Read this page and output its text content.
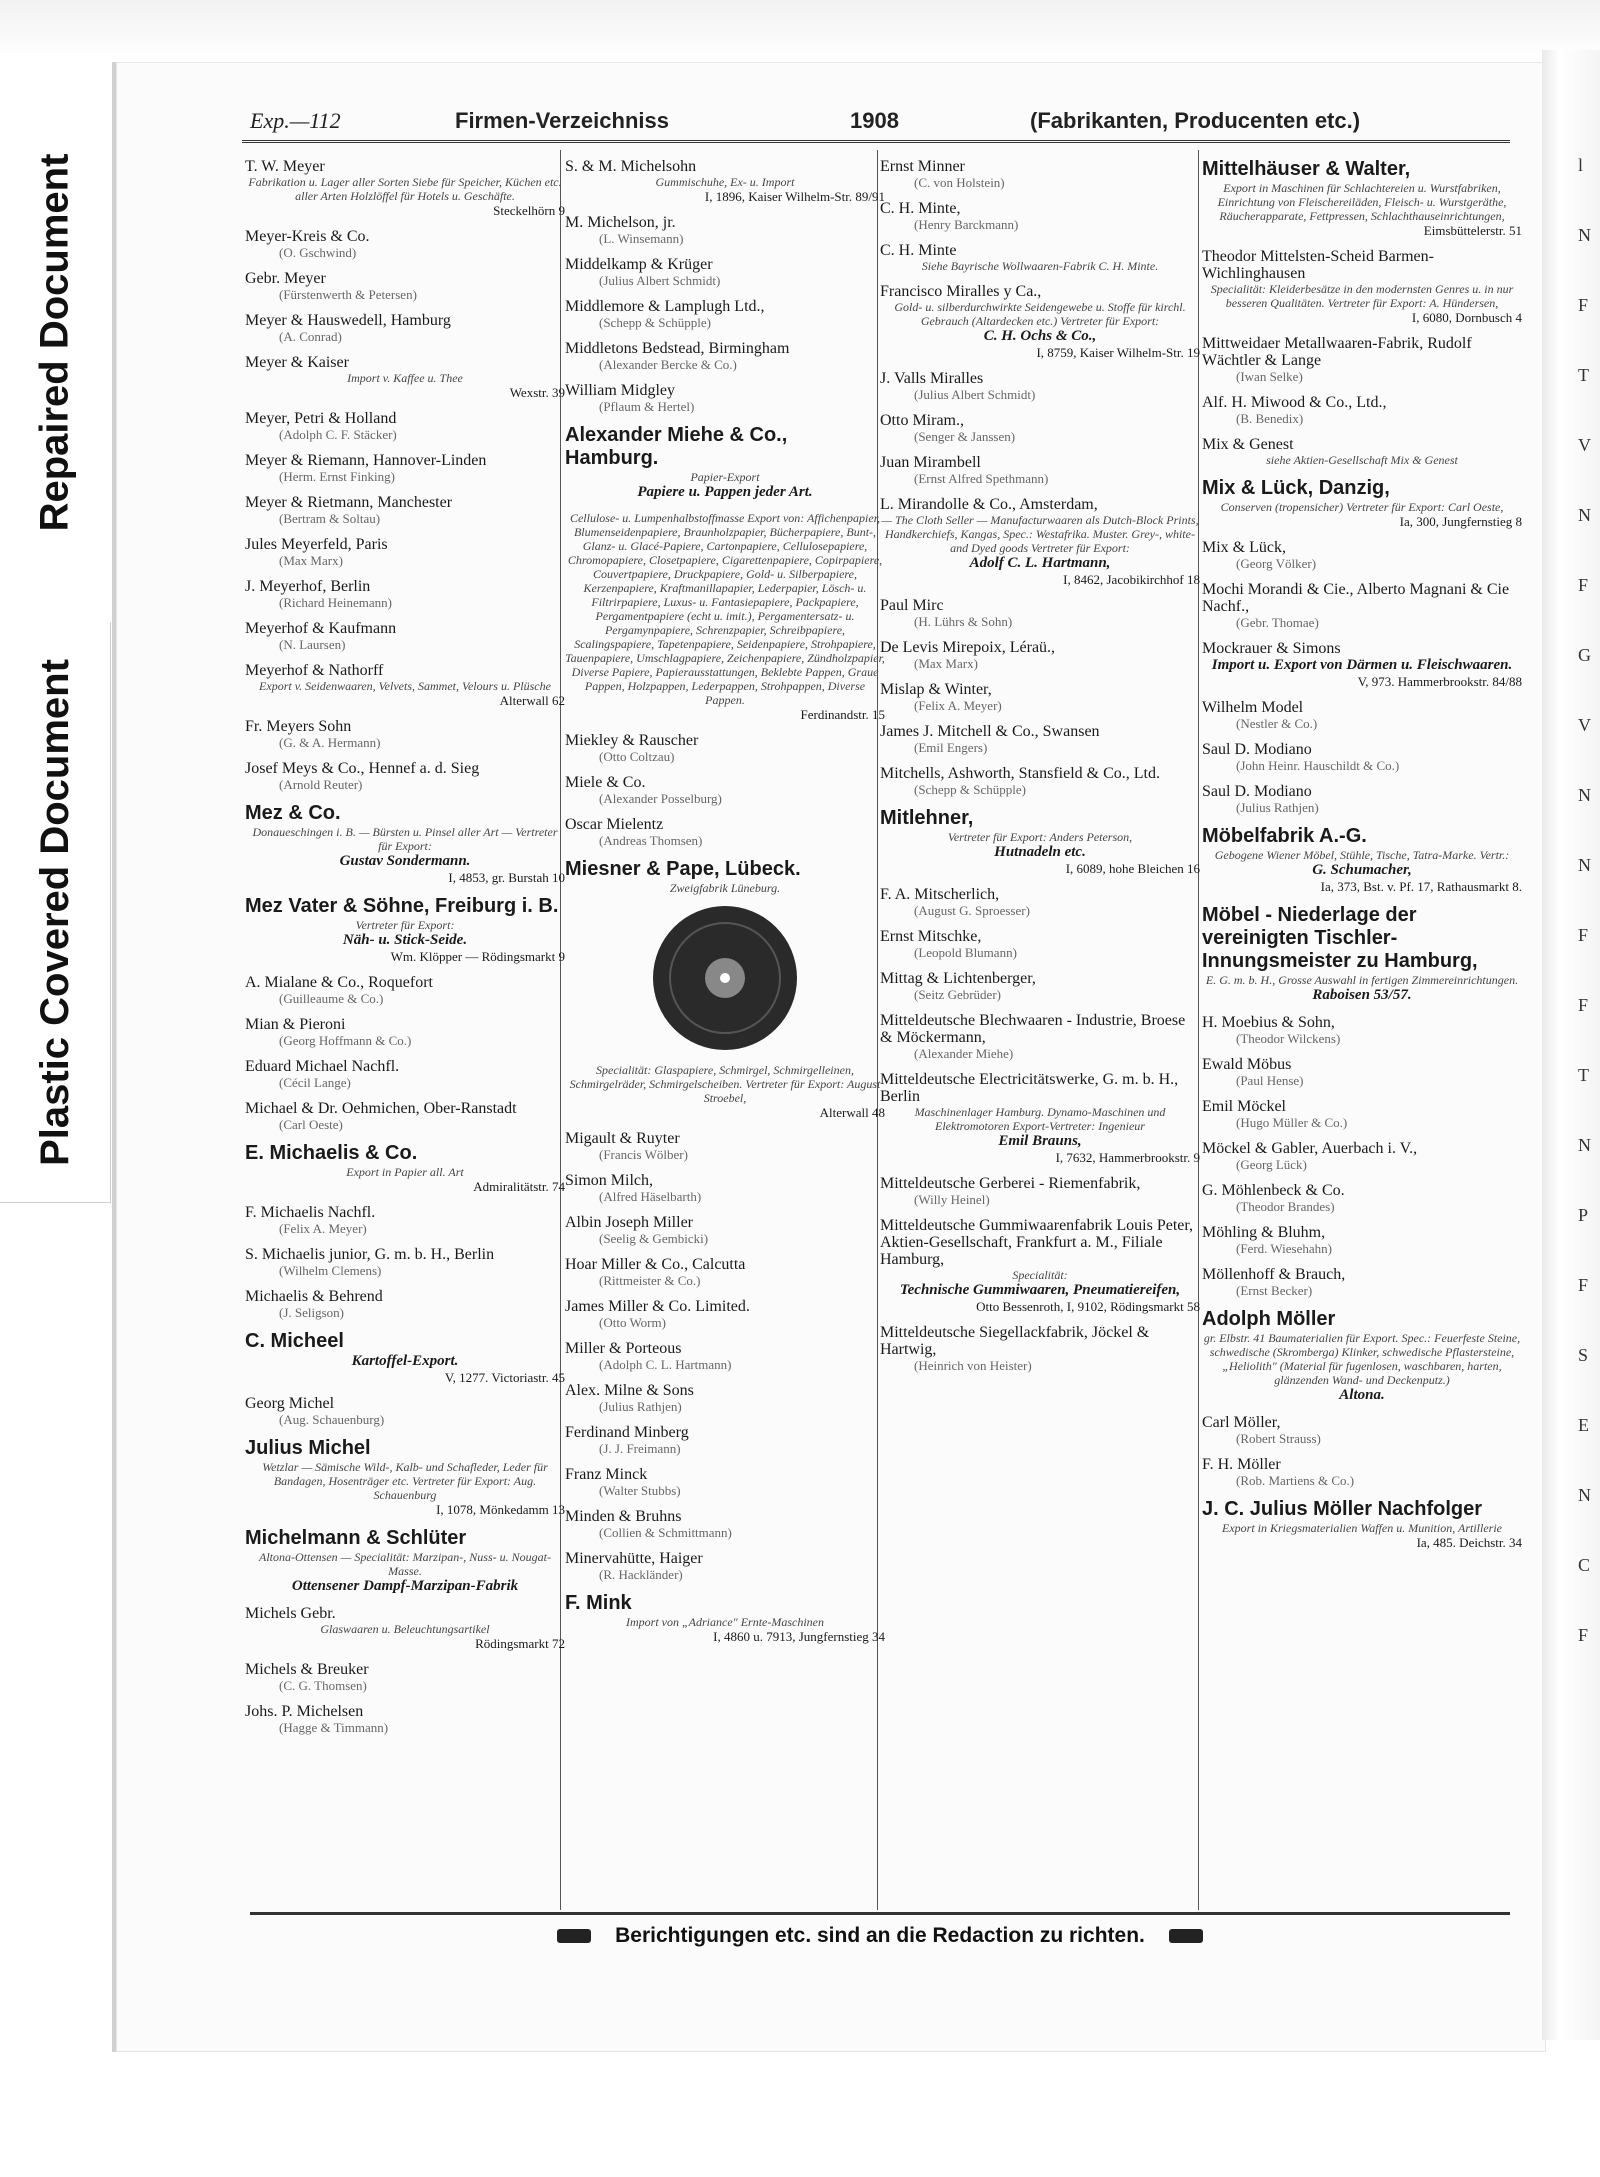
Repaired Document
Plastic Covered Document
l
N
F
T
V
N
F
G
V
N
N
F
F
T
N
P
F
S
E
N
C
F
Exp.—112	Firmen-Verzeichniss	1908	(Fabrikanten, Producenten etc.)
T. W. Meyer
Fabrikation u. Lager aller Sorten Siebe für Speicher, Küchen etc. aller Arten Holzlöffel für Hotels u. Geschäfte.
Steckelhörn 9
Meyer-Kreis & Co.
(O. Gschwind)
Gebr. Meyer
(Fürstenwerth & Petersen)
Meyer & Hauswedell, Hamburg
(A. Conrad)
Meyer & Kaiser
Import v. Kaffee u. Thee
Wexstr. 39
Meyer, Petri & Holland
(Adolph C. F. Stäcker)
Meyer & Riemann, Hannover-Linden
(Herm. Ernst Finking)
Meyer & Rietmann, Manchester
(Bertram & Soltau)
Jules Meyerfeld, Paris
(Max Marx)
J. Meyerhof, Berlin
(Richard Heinemann)
Meyerhof & Kaufmann
(N. Laursen)
Meyerhof & Nathorff
Export v. Seidenwaaren, Velvets, Sammet, Velours u. Plüsche
Alterwall 62
Fr. Meyers Sohn
(G. & A. Hermann)
Josef Meys & Co., Hennef a. d. Sieg
(Arnold Reuter)
Mez & Co.
Donaueschingen i. B. — Bürsten u. Pinsel aller Art — Vertreter für Export:
Gustav Sondermann.
I, 4853, gr. Burstah 10
Mez Vater & Söhne, Freiburg i. B.
Vertreter für Export:
Näh- u. Stick-Seide.
Wm. Klöpper — Rödingsmarkt 9
A. Mialane & Co., Roquefort
(Guilleaume & Co.)
Mian & Pieroni
(Georg Hoffmann & Co.)
Eduard Michael Nachfl.
(Cécil Lange)
Michael & Dr. Oehmichen, Ober-Ranstadt
(Carl Oeste)
E. Michaelis & Co.
Export in Papier all. Art
Admiralitätstr. 74
F. Michaelis Nachfl.
(Felix A. Meyer)
S. Michaelis junior, G. m. b. H., Berlin
(Wilhelm Clemens)
Michaelis & Behrend
(J. Seligson)
C. Micheel
Kartoffel-Export.
V, 1277. Victoriastr. 45
Georg Michel
(Aug. Schauenburg)
Julius Michel
Wetzlar — Sämische Wild-, Kalb- und Schafleder, Leder für Bandagen, Hosenträger etc. Vertreter für Export: Aug. Schauenburg
I, 1078, Mönkedamm 13
Michelmann & Schlüter
Altona-Ottensen — Specialität: Marzipan-, Nuss- u. Nougat-Masse.
Ottensener Dampf-Marzipan-Fabrik
Michels Gebr.
Glaswaaren u. Beleuchtungsartikel
Rödingsmarkt 72
Michels & Breuker
(C. G. Thomsen)
Johs. P. Michelsen
(Hagge & Timmann)
S. & M. Michelsohn
Gummischuhe, Ex- u. Import
I, 1896, Kaiser Wilhelm-Str. 89/91
M. Michelson, jr.
(L. Winsemann)
Middelkamp & Krüger
(Julius Albert Schmidt)
Middlemore & Lamplugh Ltd.,
(Schepp & Schüpple)
Middletons Bedstead, Birmingham
(Alexander Bercke & Co.)
William Midgley
(Pflaum & Hertel)
Alexander Miehe & Co., Hamburg.
Papier-Export
Papiere u. Pappen jeder Art.
Cellulose- u. Lumpenhalbstoffmasse Export von: Affichenpapier, Blumenseidenpapiere, Braunholzpapier, Bücherpapiere, Bunt-, Glanz- u. Glacé-Papiere, Cartonpapiere, Cellulosepapiere, Chromopapiere, Closetpapiere, Cigarettenpapiere, Copirpapiere, Couvertpapiere, Druckpapiere, Gold- u. Silberpapiere, Kerzenpapiere, Kraftmanillapapier, Lederpapier, Lösch- u. Filtrirpapiere, Luxus- u. Fantasiepapiere, Packpapiere, Pergamentpapiere (echt u. imit.), Pergamentersatz- u. Pergamynpapiere, Schrenzpapier, Schreibpapiere, Scalingspapiere, Tapetenpapiere, Seidenpapiere, Strohpapiere, Tauenpapiere, Umschlagpapiere, Zeichenpapiere, Zündholzpapier, Diverse Papiere, Papierausstattungen, Beklebte Pappen, Graue Pappen, Holzpappen, Lederpappen, Strohpappen, Diverse Pappen.
Ferdinandstr. 15
Miekley & Rauscher
(Otto Coltzau)
Miele & Co.
(Alexander Posselburg)
Oscar Mielentz
(Andreas Thomsen)
Miesner & Pape, Lübeck.
Zweigfabrik Lüneburg.
Specialität: Glaspapiere, Schmirgel, Schmirgelleinen, Schmirgelräder, Schmirgelscheiben. Vertreter für Export: August Stroebel,
Alterwall 48
Migault & Ruyter
(Francis Wölber)
Simon Milch,
(Alfred Häselbarth)
Albin Joseph Miller
(Seelig & Gembicki)
Hoar Miller & Co., Calcutta
(Rittmeister & Co.)
James Miller & Co. Limited.
(Otto Worm)
Miller & Porteous
(Adolph C. L. Hartmann)
Alex. Milne & Sons
(Julius Rathjen)
Ferdinand Minberg
(J. J. Freimann)
Franz Minck
(Walter Stubbs)
Minden & Bruhns
(Collien & Schmittmann)
Minervahütte, Haiger
(R. Hackländer)
F. Mink
Import von „Adriance" Ernte-Maschinen
I, 4860 u. 7913, Jungfernstieg 34
Ernst Minner
(C. von Holstein)
C. H. Minte,
(Henry Barckmann)
C. H. Minte
Siehe Bayrische Wollwaaren-Fabrik C. H. Minte.
Francisco Miralles y Ca.,
Gold- u. silberdurchwirkte Seidengewebe u. Stoffe für kirchl. Gebrauch (Altardecken etc.) Vertreter für Export:
C. H. Ochs & Co.,
I, 8759, Kaiser Wilhelm-Str. 19
J. Valls Miralles
(Julius Albert Schmidt)
Otto Miram.,
(Senger & Janssen)
Juan Mirambell
(Ernst Alfred Spethmann)
L. Mirandolle & Co., Amsterdam,
— The Cloth Seller — Manufacturwaaren als Dutch-Block Prints, Handkerchiefs, Kangas, Spec.: Westafrika. Muster. Grey-, white- and Dyed goods Vertreter für Export:
Adolf C. L. Hartmann,
I, 8462, Jacobikirchhof 18
Paul Mirc
(H. Lührs & Sohn)
De Levis Mirepoix, Léraü.,
(Max Marx)
Mislap & Winter,
(Felix A. Meyer)
James J. Mitchell & Co., Swansen
(Emil Engers)
Mitchells, Ashworth, Stansfield & Co., Ltd.
(Schepp & Schüpple)
Mitlehner,
Vertreter für Export: Anders Peterson,
Hutnadeln etc.
I, 6089, hohe Bleichen 16
F. A. Mitscherlich,
(August G. Sproesser)
Ernst Mitschke,
(Leopold Blumann)
Mittag & Lichtenberger,
(Seitz Gebrüder)
Mitteldeutsche Blechwaaren - Industrie, Broese & Möckermann,
(Alexander Miehe)
Mitteldeutsche Electricitätswerke, G. m. b. H., Berlin
Maschinenlager Hamburg. Dynamo-Maschinen und Elektromotoren Export-Vertreter: Ingenieur
Emil Brauns,
I, 7632, Hammerbrookstr. 9
Mitteldeutsche Gerberei - Riemenfabrik,
(Willy Heinel)
Mitteldeutsche Gummiwaarenfabrik Louis Peter, Aktien-Gesellschaft, Frankfurt a. M., Filiale Hamburg,
Specialität:
Technische Gummiwaaren, Pneumatiereifen,
Otto Bessenroth, I, 9102, Rödingsmarkt 58
Mitteldeutsche Siegellackfabrik, Jöckel & Hartwig,
(Heinrich von Heister)
Mittelhäuser & Walter,
Export in Maschinen für Schlachtereien u. Wurstfabriken, Einrichtung von Fleischereiläden, Fleisch- u. Wurstgeräthe, Räucherapparate, Fettpressen, Schlachthauseinrichtungen,
Eimsbüttelerstr. 51
Theodor Mittelsten-Scheid Barmen-Wichlinghausen
Specialität: Kleiderbesätze in den modernsten Genres u. in nur besseren Qualitäten. Vertreter für Export: A. Hündersen,
I, 6080, Dornbusch 4
Mittweidaer Metallwaaren-Fabrik, Rudolf Wächtler & Lange
(Iwan Selke)
Alf. H. Miwood & Co., Ltd.,
(B. Benedix)
Mix & Genest
siehe Aktien-Gesellschaft Mix & Genest
Mix & Lück, Danzig,
Conserven (tropensicher) Vertreter für Export: Carl Oeste,
Ia, 300, Jungfernstieg 8
Mix & Lück,
(Georg Völker)
Mochi Morandi & Cie., Alberto Magnani & Cie Nachf.,
(Gebr. Thomae)
Mockrauer & Simons
Import u. Export von Därmen u. Fleischwaaren.
V, 973. Hammerbrookstr. 84/88
Wilhelm Model
(Nestler & Co.)
Saul D. Modiano
(John Heinr. Hauschildt & Co.)
Saul D. Modiano
(Julius Rathjen)
Möbelfabrik A.-G.
Gebogene Wiener Möbel, Stühle, Tische, Tatra-Marke. Vertr.:
G. Schumacher,
Ia, 373, Bst. v. Pf. 17, Rathausmarkt 8.
Möbel - Niederlage der vereinigten Tischler-Innungsmeister zu Hamburg,
E. G. m. b. H., Grosse Auswahl in fertigen Zimmereinrichtungen.
Raboisen 53/57.
H. Moebius & Sohn,
(Theodor Wilckens)
Ewald Möbus
(Paul Hense)
Emil Möckel
(Hugo Müller & Co.)
Möckel & Gabler, Auerbach i. V.,
(Georg Lück)
G. Möhlenbeck & Co.
(Theodor Brandes)
Möhling & Bluhm,
(Ferd. Wiesehahn)
Möllenhoff & Brauch,
(Ernst Becker)
Adolph Möller
gr. Elbstr. 41 Baumaterialien für Export. Spec.: Feuerfeste Steine, schwedische (Skromberga) Klinker, schwedische Pflastersteine, „Heliolith" (Material für fugenlosen, waschbaren, harten, glänzenden Wand- und Deckenputz.)
Altona.
Carl Möller,
(Robert Strauss)
F. H. Möller
(Rob. Martiens & Co.)
J. C. Julius Möller Nachfolger
Export in Kriegsmaterialien Waffen u. Munition, Artillerie
Ia, 485. Deichstr. 34
Berichtigungen etc. sind an die Redaction zu richten.
